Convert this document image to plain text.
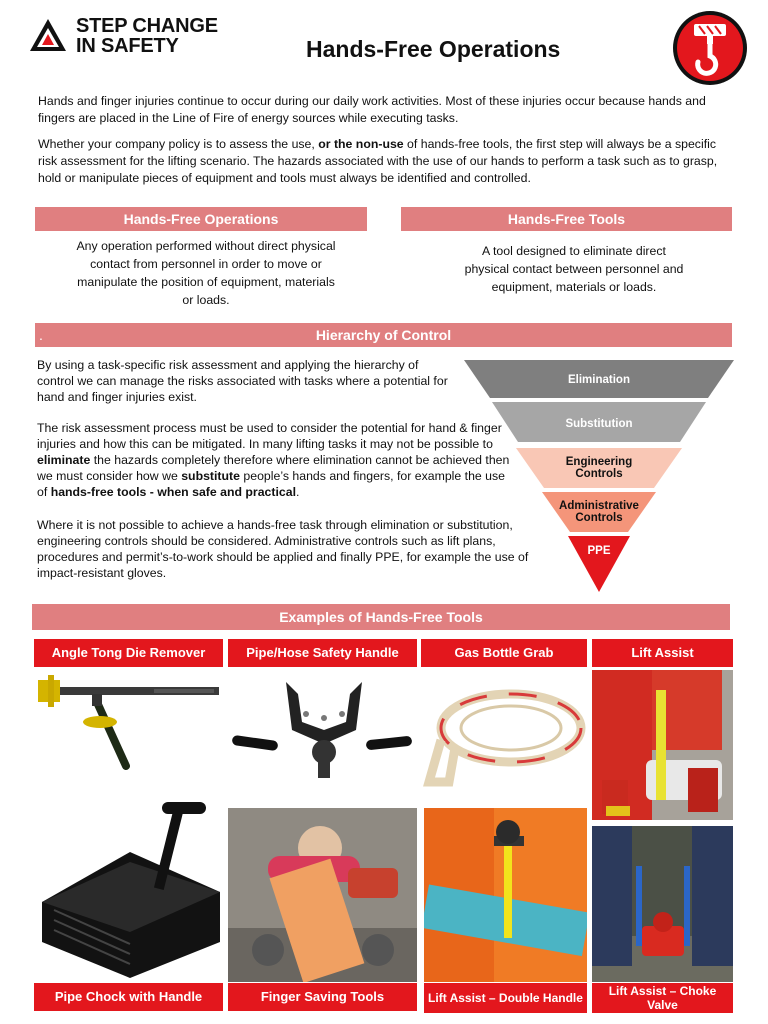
STEP CHANGE
IN SAFETY	Hands-Free Operations

Hands and finger injuries continue to occur during our daily work activities. Most of these injuries occur because hands and fingers are placed in the Line of Fire of energy sources while executing tasks.

Whether your company policy is to assess the use, or the non-use of hands-free tools, the first step will always be a specific risk assessment for the lifting scenario. The hazards associated with the use of our hands to perform a task such as to grasp, hold or manipulate pieces of equipment and tools must always be identified and controlled.

Hands-Free Operations
Any operation performed without direct physical contact from personnel in order to move or manipulate the position of equipment, materials or loads.
Hands-Free Tools
A tool designed to eliminate direct physical contact between personnel and equipment, materials or loads.
.	Hierarchy of Control

By using a task-specific risk assessment and applying the hierarchy of control we can manage the risks associated with tasks where a potential for hand and finger injuries exist.

The risk assessment process must be used to consider the potential for hand & finger injuries and how this can be mitigated. In many lifting tasks it may not be possible to eliminate the hazards completely therefore where elimination cannot be achieved then we must consider how we substitute people’s hands and fingers, for example the use of hands-free tools - when safe and practical.

Where it is not possible to achieve a hands-free task through elimination or substitution, engineering controls should be considered. Administrative controls such as lift plans, procedures and permit’s-to-work should be applied and finally PPE, for example the use of impact-resistant gloves.

Elimination
Substitution
Engineering Controls
Administrative Controls
PPE
Examples of Hands-Free Tools
Angle Tong Die Remover	Pipe/Hose Safety Handle	Gas Bottle Grab	Lift Assist
Pipe Chock with Handle	Finger Saving Tools	Lift Assist – Double Handle	Lift Assist – Choke Valve
